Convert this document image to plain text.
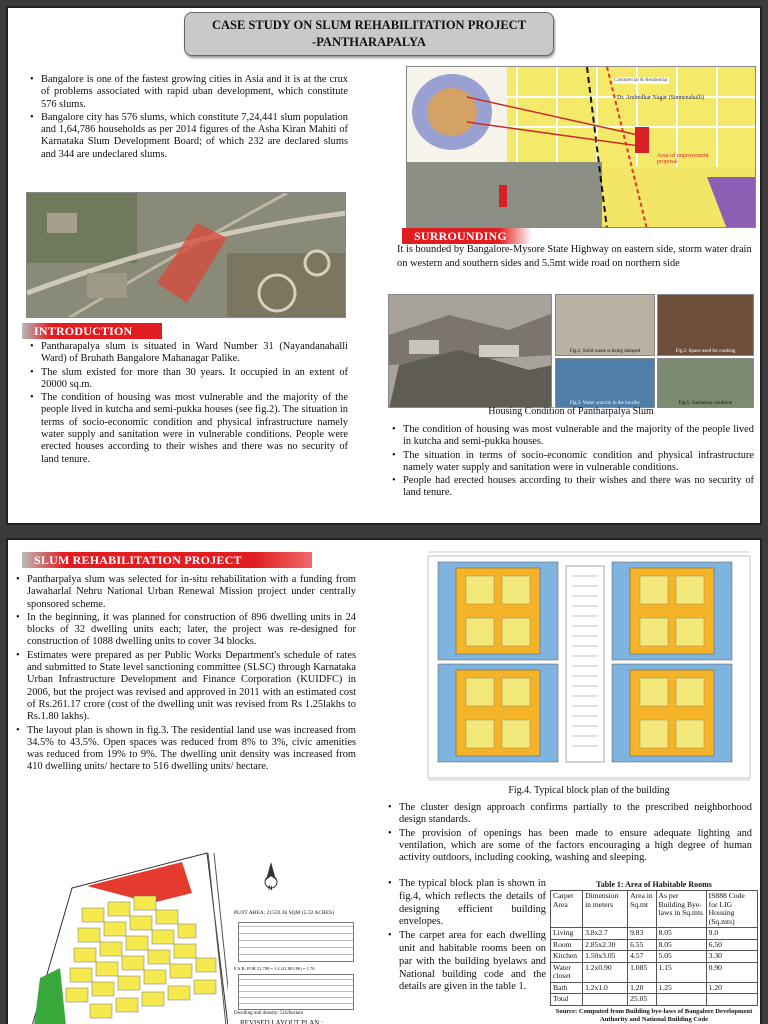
CASE STUDY ON SLUM REHABILITATION PROJECT
-PANTHARAPALYA
• Bangalore is one of the fastest growing cities in Asia and it is at the crux of problems associated with rapid uban development, which constitute 576 slums.
• Bangalore city has 576 slums, which constitute 7,24,441 slum population and 1,64,786 households as per 2014 figures of the Asha Kiran Mahiti of Karnataka Slum Development Board; of which 232 are declared slums and 344 are undeclared slums.
INTRODUCTION
• Pantharapalya slum is situated in Ward Number 31 (Nayandanahalli Ward) of Bruhath Bangalore Mahanagar Palike.
• The slum existed for more than 30 years. It occupied in an extent of 20000 sq.m.
• The condition of housing was most vulnerable and the majority of the people lived in kutcha and semi-pukka houses (see fig.2). The situation in terms of socio-economic condition and physical infrastructure namely water supply and sanitation were in vulnerable conditions. People were erected houses according to their wishes and there was no security of land tenure.
Dr. Ambedkar Nagar (Sonnenahalli)
Area of improvement proposal
Commercial & Residential
SURROUNDING
It is bounded by Bangalore-Mysore State Highway on eastern side, storm water drain on western and southern sides and 5.5mt wide road on northern side
Fig.1: Solid waste is being dumped	Fig.2: Space used for cooking
Fig.3: Water scarcity in the locality	Fig.5: Sanitation condition
Housing Condition of Pantharpalya Slum
• The condition of housing was most vulnerable and the majority of the people lived in kutcha and semi-pukka houses.
• The situation in terms of socio-economic condition and physical infrastructure namely water supply and sanitation were in vulnerable conditions.
• People had erected houses according to their wishes and there was no security of land tenure.
SLUM REHABILITATION PROJECT
• Pantharpalya slum was selected for in-situ rehabilitation with a funding from Jawaharlal Nehru National Urban Renewal Mission project under centrally sponsored scheme.
• In the beginning, it was planned for construction of 896 dwelling units in 24 blocks of 32 dwelling units each; later, the project was re-designed for construction of 1088 dwelling units to cover 34 blocks.
• Estimates were prepared as per Public Works Department's schedule of rates and submitted to State level sanctioning committee (SLSC) through Karnataka Urban Infrastructure Development and Finance Corporation (KUIDFC) in 2006, but the project was revised and approved in 2011 with an estimated cost of Rs.261.17 crore (cost of the dwelling unit was revised from Rs 1.25lakhs to Rs.1.80 lakhs).
• The layout plan is shown in fig.3. The residential land use was increased from 34.5% to 43.5%. Open spaces was reduced from 8% to 3%, civic amenities was reduced from 19% to 9%. The dwelling unit density was increased from 410 dwelling units/ hectare to 516 dwelling units/ hectare.
N
PLOT AREA: 21559.36 SQM (5.32 ACRES)
F.A.R: FOR 21,788 = 1.2 (21,803.86) = 1.76
Dwelling unit density: 516/hectare
REVISED LAYOUT PLAN :
Fig.4. Typical block plan of the building
• The cluster design approach confirms partially to the prescribed neighborhood design standards.
• The provision of openings has been made to ensure adequate lighting and ventilation, which are some of the factors encouraging a high degree of human activity outdoors, including cooking, washing and sleeping.
• The typical block plan is shown in fig.4, which reflects the details of designing efficient building envelopes.
• The carpet area for each dwelling unit and habitable rooms been on par with the building byelaws and National building code and the details are given in the table 1.
Table 1: Area of Habitable Rooms
Carpet Area	Dimension in meters	Area in Sq.mt	As per Building Bye-laws in Sq.mts	IS888 Code for LIG Housing (Sq.mts)
Living	3.8x2.7	9.83	8.05	9.0
Room	2.85x2.30	6.55	8.05	6.50
Kitchen	1.50x3.05	4.57	5.05	3.30
Water closet	1.2x0.90	1.085	1.15	0.90
Bath	1.2x1.0	1.20	1.25	1.20
Total		25.05		
Source: Computed from Building bye-laws of Bangalore Development Authority and National Building Code
